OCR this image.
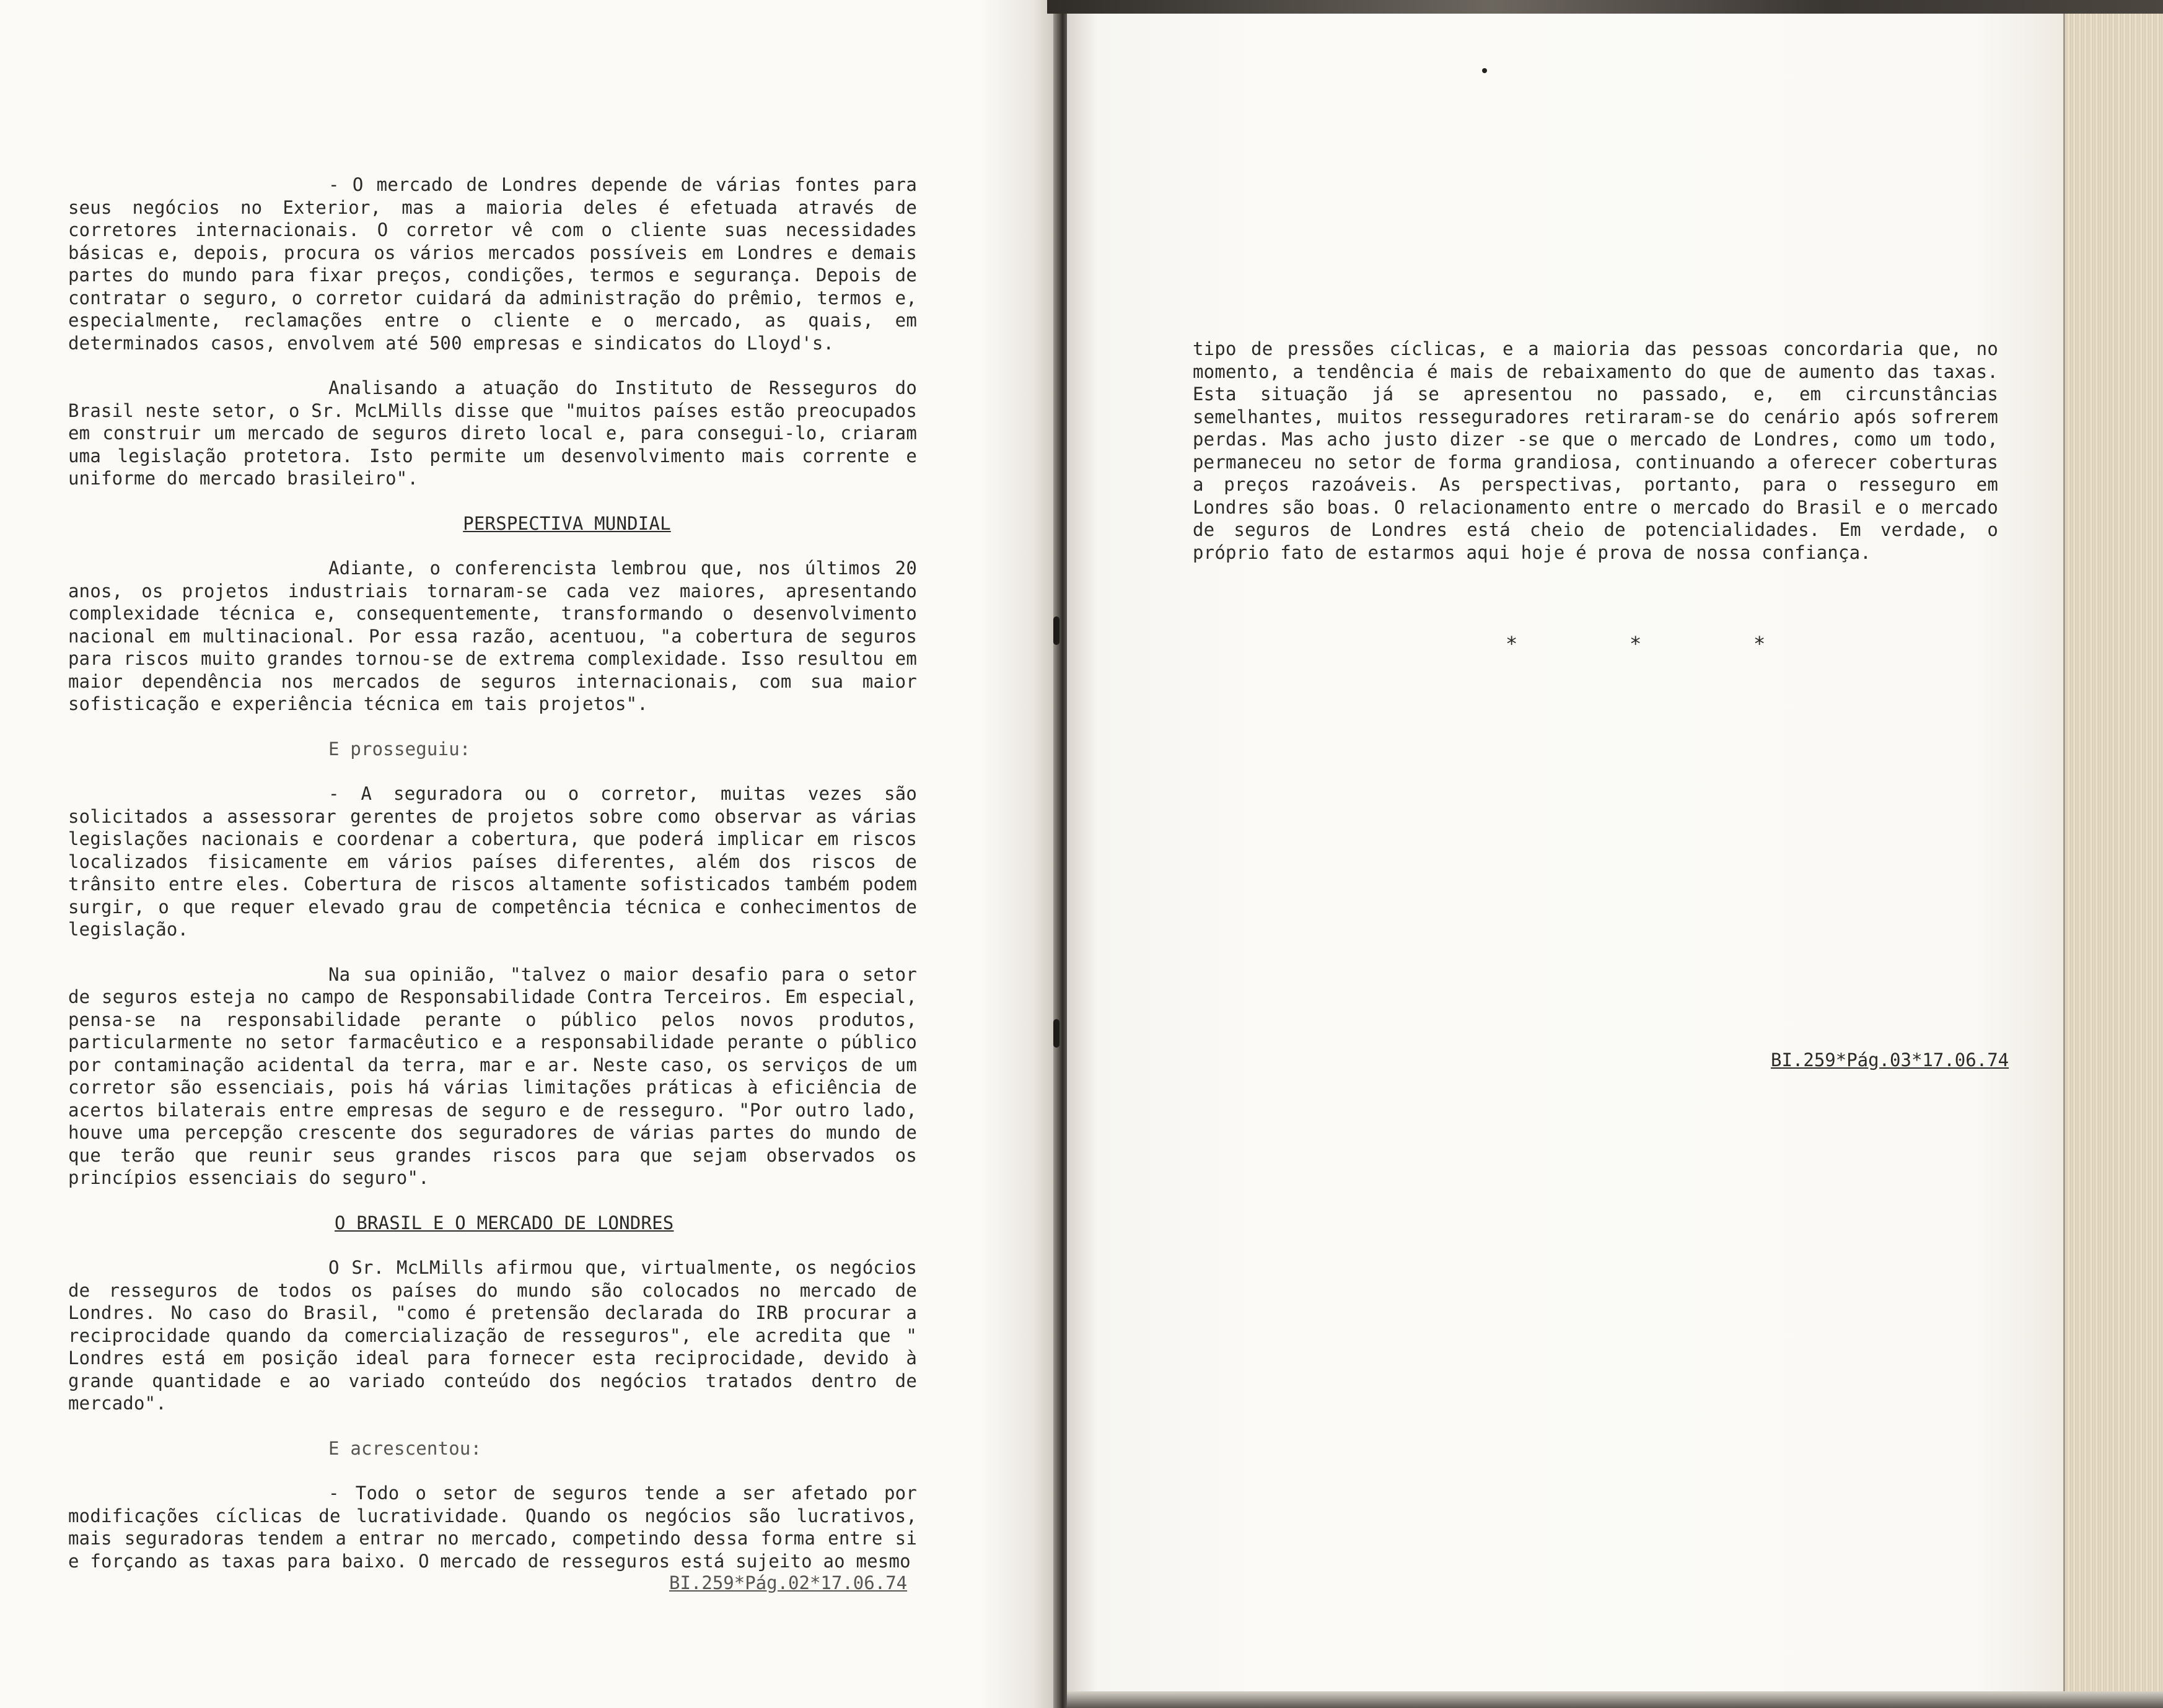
- O mercado de Londres depende de várias fontes para seus negócios no Exterior, mas a maioria deles é efetuada através de corretores internacionais. O corretor vê com o cliente suas necessidades básicas e, depois, procura os vários mercados possíveis em Londres e demais partes do mundo para fixar preços, condições, termos e segurança. Depois de contratar o seguro, o corretor cuidará da administração do prêmio, termos e, especialmente, reclamações entre o cliente e o mercado, as quais, em determinados casos, envolvem até 500 empresas e sindicatos do Lloyd's.

Analisando a atuação do Instituto de Resseguros do Brasil neste setor, o Sr. McLMills disse que "muitos países estão preocupados em construir um mercado de seguros direto local e, para consegui-lo, criaram uma legislação protetora. Isto permite um desenvolvimento mais corrente e uniforme do mercado brasileiro".

PERSPECTIVA MUNDIAL

Adiante, o conferencista lembrou que, nos últimos 20 anos, os projetos industriais tornaram-se cada vez maiores, apresentando complexidade técnica e, consequentemente, transformando o desenvolvimento nacional em multinacional. Por essa razão, acentuou, "a cobertura de seguros para riscos muito grandes tornou-se de extrema complexidade. Isso resultou em maior dependência nos mercados de seguros internacionais, com sua maior sofisticação e experiência técnica em tais projetos".

E prosseguiu:

- A seguradora ou o corretor, muitas vezes são solicitados a assessorar gerentes de projetos sobre como observar as várias legislações nacionais e coordenar a cobertura, que poderá implicar em riscos localizados fisicamente em vários países diferentes, além dos riscos de trânsito entre eles. Cobertura de riscos altamente sofisticados também podem surgir, o que requer elevado grau de competência técnica e conhecimentos de legislação.

Na sua opinião, "talvez o maior desafio para o setor de seguros esteja no campo de Responsabilidade Contra Terceiros. Em especial, pensa-se na responsabilidade perante o público pelos novos produtos, particularmente no setor farmacêutico e a responsabilidade perante o público por contaminação acidental da terra, mar e ar. Neste caso, os serviços de um corretor são essenciais, pois há várias limitações práticas à eficiência de acertos bilaterais entre empresas de seguro e de resseguro. "Por outro lado, houve uma percepção crescente dos seguradores de várias partes do mundo de que terão que reunir seus grandes riscos para que sejam observados os princípios essenciais do seguro".

O BRASIL E O MERCADO DE LONDRES

O Sr. McLMills afirmou que, virtualmente, os negócios de resseguros de todos os países do mundo são colocados no mercado de Londres. No caso do Brasil, "como é pretensão declarada do IRB procurar a reciprocidade quando da comercialização de resseguros", ele acredita que " Londres está em posição ideal para fornecer esta reciprocidade, devido à grande quantidade e ao variado conteúdo dos negócios tratados dentro de mercado".

E acrescentou:

- Todo o setor de seguros tende a ser afetado por modificações cíclicas de lucratividade. Quando os negócios são lucrativos, mais seguradoras tendem a entrar no mercado, competindo dessa forma entre si e forçando as taxas para baixo. O mercado de resseguros está sujeito ao mesmo

BI.259*Pág.02*17.06.74

tipo de pressões cíclicas, e a maioria das pessoas concordaria que, no momento, a tendência é mais de rebaixamento do que de aumento das taxas. Esta situação já se apresentou no passado, e, em circunstâncias semelhantes, muitos resseguradores retiraram-se do cenário após sofrerem perdas. Mas acho justo dizer -se que o mercado de Londres, como um todo, permaneceu no setor de forma grandiosa, continuando a oferecer coberturas a preços razoáveis. As perspectivas, portanto, para o resseguro em Londres são boas. O relacionamento entre o mercado do Brasil e o mercado de seguros de Londres está cheio de potencialidades. Em verdade, o próprio fato de estarmos aqui hoje é prova de nossa confiança.

*	*	*
BI.259*Pág.03*17.06.74
